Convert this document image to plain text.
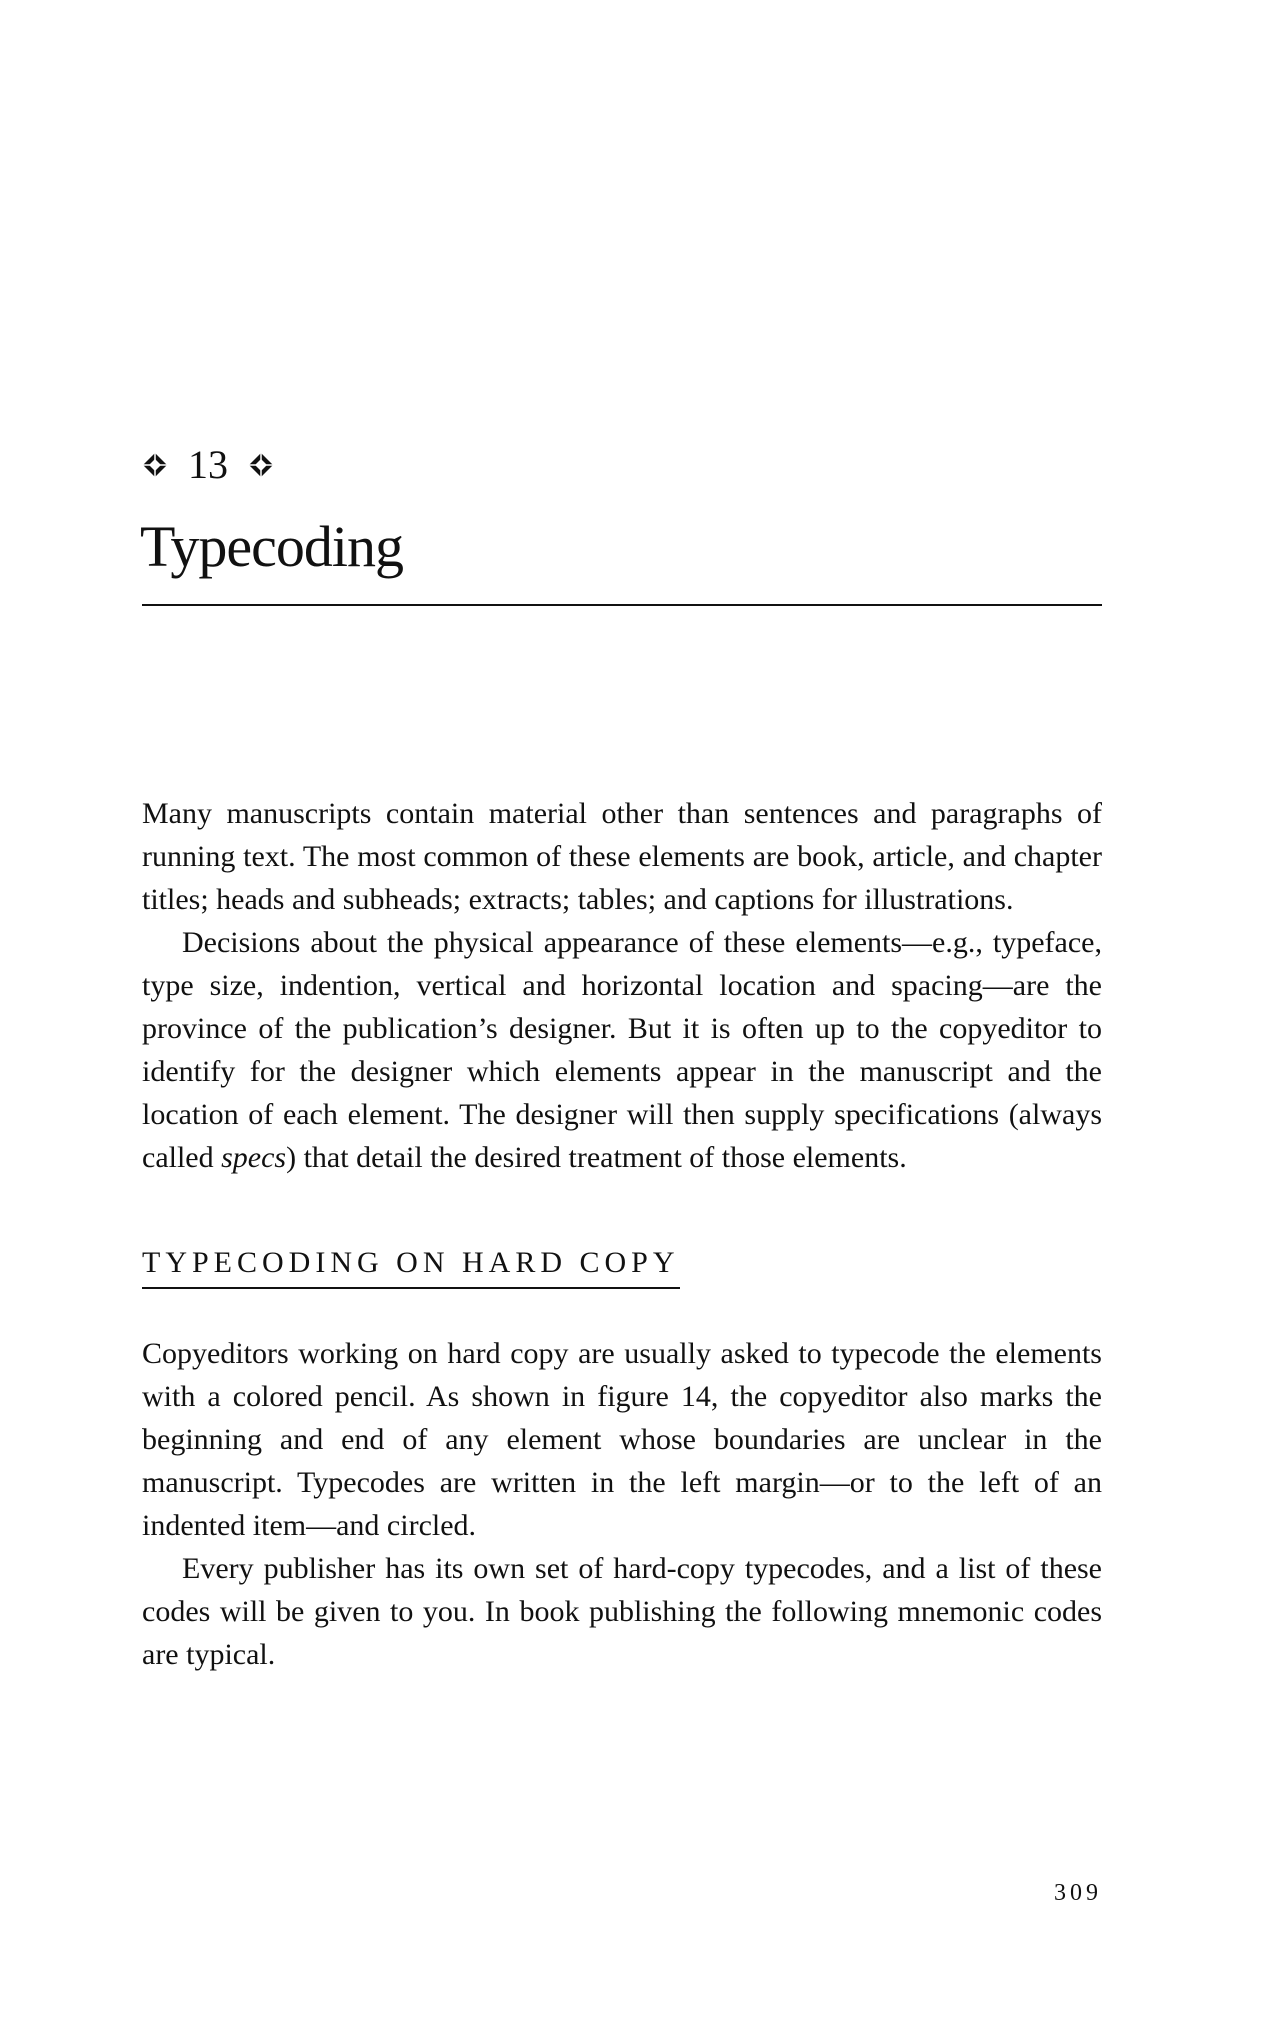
13
Typecoding

Many manuscripts contain material other than sentences and paragraphs of running text. The most common of these elements are book, article, and chapter titles; heads and subheads; extracts; tables; and captions for illustrations.

Decisions about the physical appearance of these elements—e.g., typeface, type size, indention, vertical and horizontal location and spacing—are the province of the publication’s designer. But it is often up to the copyeditor to identify for the designer which elements appear in the manuscript and the location of each element. The designer will then supply specifications (always called specs) that detail the desired treatment of those elements.

TYPECODING ON HARD COPY

Copyeditors working on hard copy are usually asked to typecode the elements with a colored pencil. As shown in figure 14, the copyeditor also marks the beginning and end of any element whose boundaries are unclear in the manuscript. Typecodes are written in the left margin—or to the left of an indented item—and circled.

Every publisher has its own set of hard-copy typecodes, and a list of these codes will be given to you. In book publishing the following mnemonic codes are typical.

309
